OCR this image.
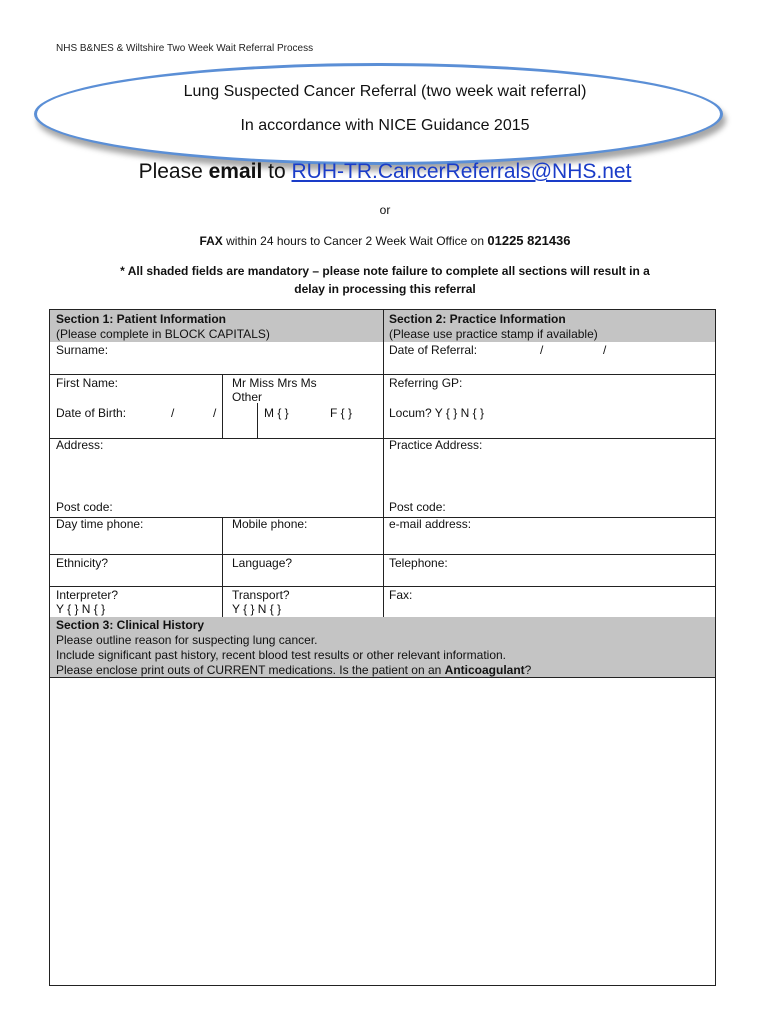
NHS B&NES & Wiltshire Two Week Wait Referral Process
Lung Suspected Cancer Referral (two week wait referral)
In accordance with NICE Guidance 2015
Please email to RUH-TR.CancerReferrals@NHS.net
or
FAX within 24 hours to Cancer 2 Week Wait Office on 01225 821436
* All shaded fields are mandatory – please note failure to complete all sections will result in a
delay in processing this referral
Section 1: Patient Information
(Please complete in BLOCK CAPITALS)
Surname:
First Name:	Mr Miss Mrs Ms
Other
Date of Birth:	/	/	M { }	F { }
Address:
Post code:
Day time phone:	Mobile phone:
Ethnicity?	Language?
Interpreter?
Y { } N { }
Transport?
Y { } N { }
Section 2: Practice Information
(Please use practice stamp if available)
Date of Referral:	/	/
Referring GP:
Locum? Y { } N { }
Practice Address:
Post code:
e-mail address:
Telephone:
Fax:
Section 3: Clinical History
Please outline reason for suspecting lung cancer.
Include significant past history, recent blood test results or other relevant information.
Please enclose print outs of CURRENT medications. Is the patient on an Anticoagulant?
